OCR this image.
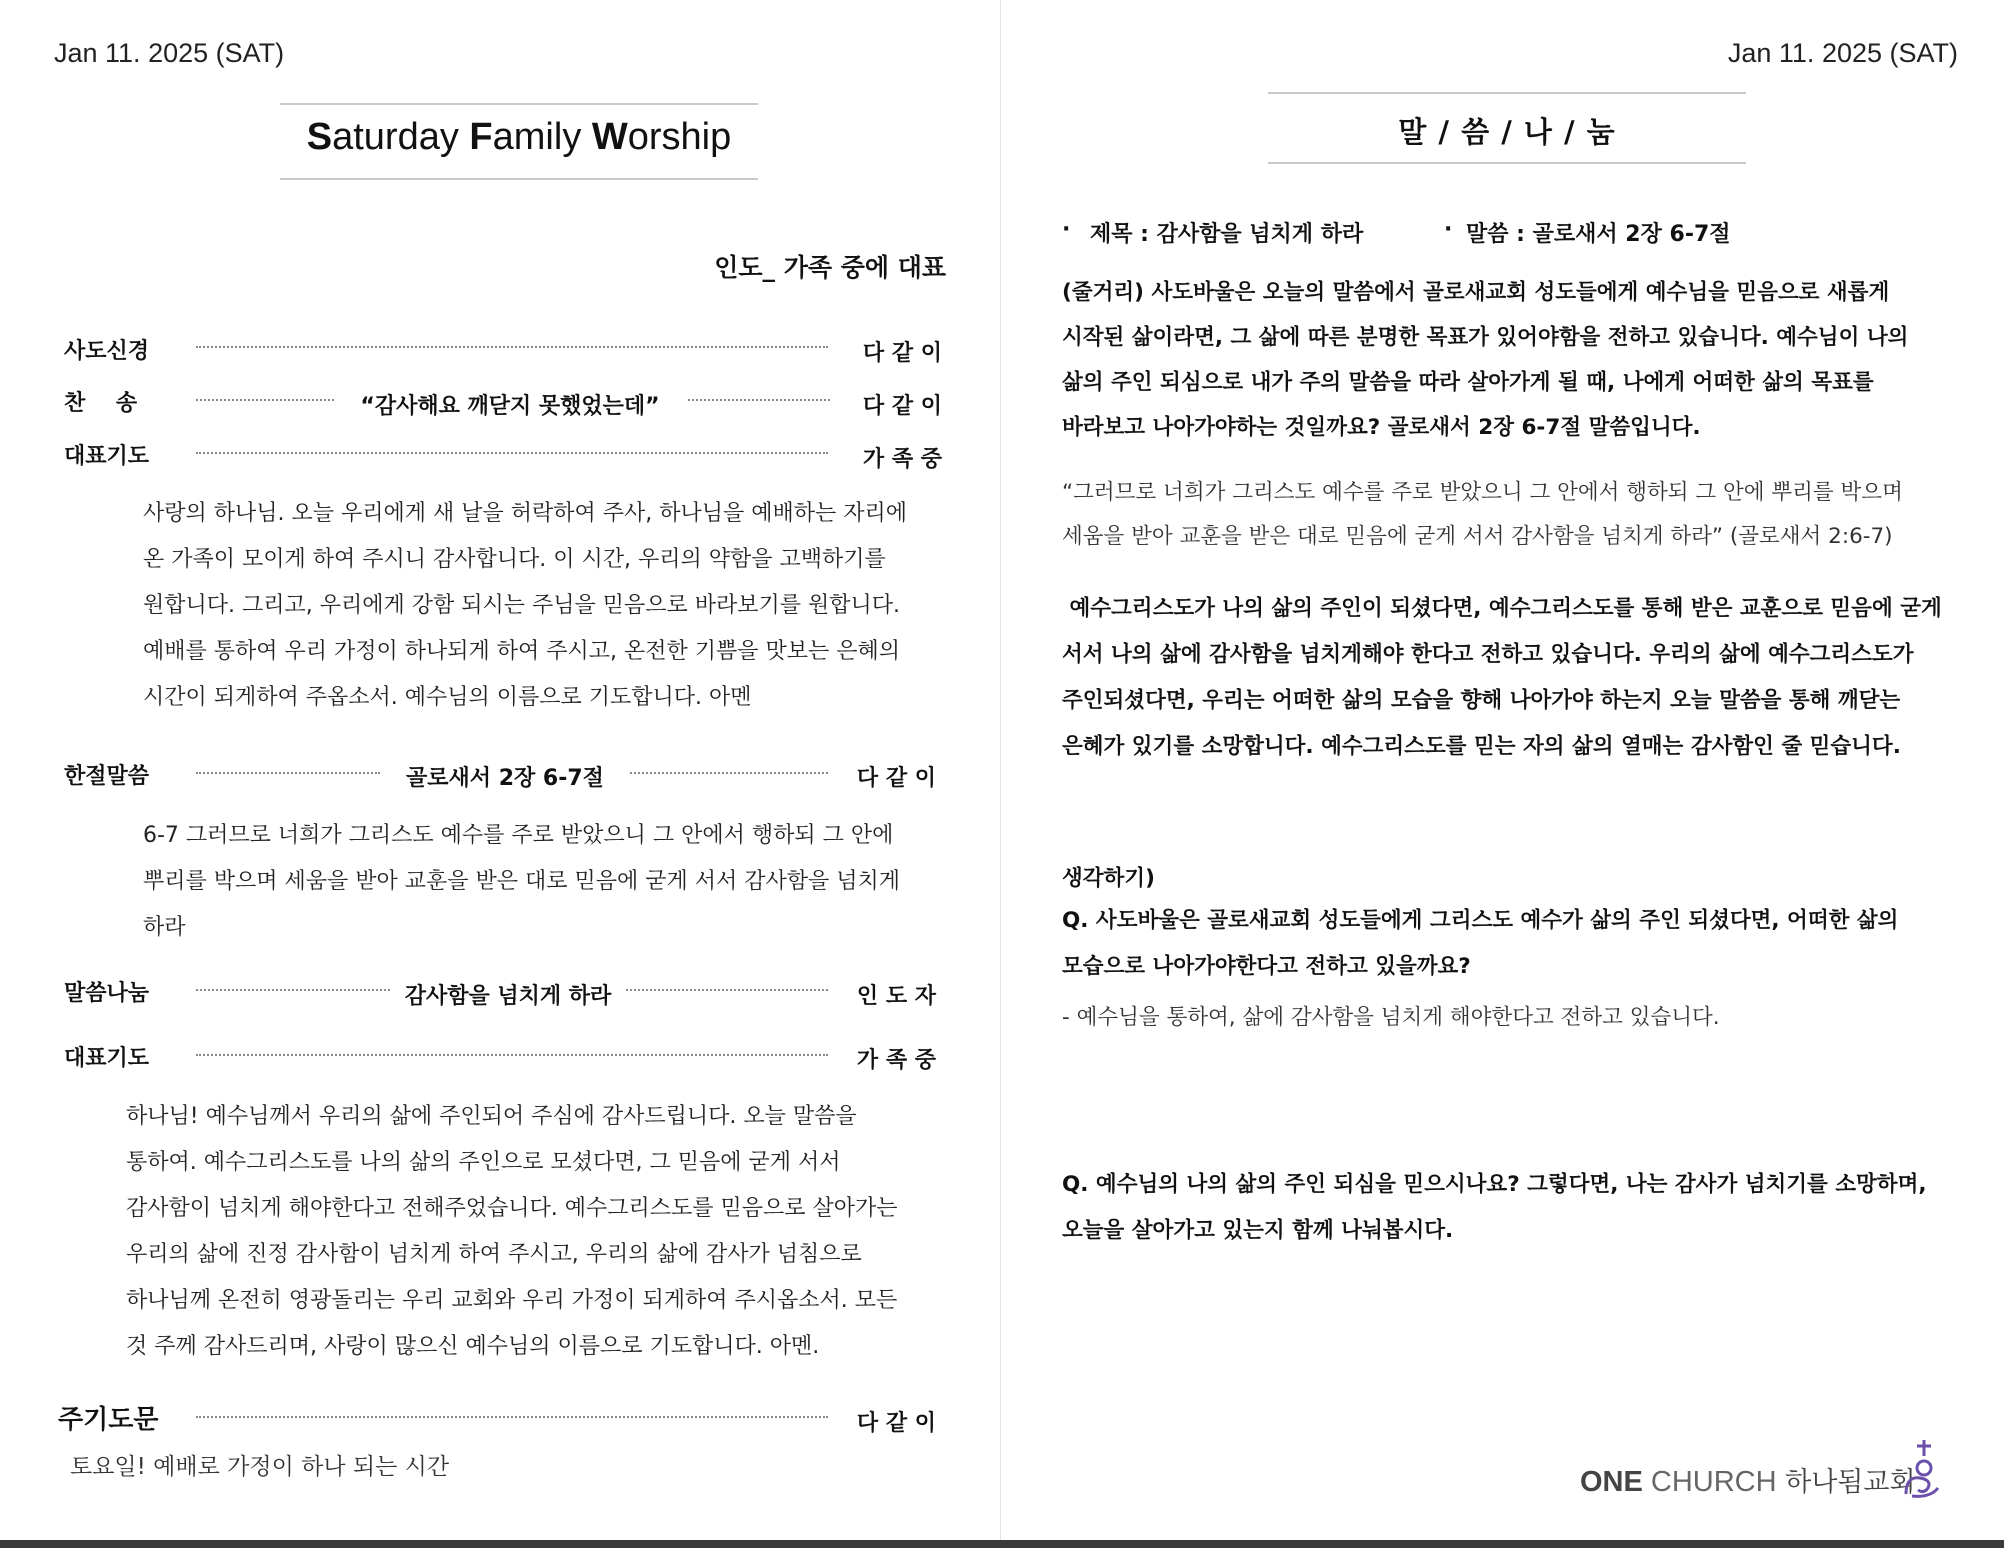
Jan 11. 2025 (SAT)	Jan 11. 2025 (SAT)
Saturday Family Worship
인도_ 가족 중에 대표
사도신경	다 같 이
찬    송	“감사해요 깨닫지 못했었는데”	다 같 이
대표기도	가 족 중
사랑의 하나님. 오늘 우리에게 새 날을 허락하여 주사, 하나님을 예배하는 자리에 온 가족이 모이게 하여 주시니 감사합니다. 이 시간, 우리의 약함을 고백하기를 원합니다. 그리고, 우리에게 강함 되시는 주님을 믿음으로 바라보기를 원합니다. 예배를 통하여 우리 가정이 하나되게 하여 주시고, 온전한 기쁨을 맛보는 은혜의 시간이 되게하여 주옵소서. 예수님의 이름으로 기도합니다. 아멘
한절말씀	골로새서 2장 6-7절	다 같 이
6-7 그러므로 너희가 그리스도 예수를 주로 받았으니 그 안에서 행하되 그 안에 뿌리를 박으며 세움을 받아 교훈을 받은 대로 믿음에 굳게 서서 감사함을 넘치게 하라
말씀나눔	감사함을 넘치게 하라	인 도 자
대표기도	가 족 중
하나님! 예수님께서 우리의 삶에 주인되어 주심에 감사드립니다. 오늘 말씀을 통하여. 예수그리스도를 나의 삶의 주인으로 모셨다면, 그 믿음에 굳게 서서 감사함이 넘치게 해야한다고 전해주었습니다. 예수그리스도를 믿음으로 살아가는 우리의 삶에 진정 감사함이 넘치게 하여 주시고, 우리의 삶에 감사가 넘침으로 하나님께 온전히 영광돌리는 우리 교회와 우리 가정이 되게하여 주시옵소서. 모든 것 주께 감사드리며, 사랑이 많으신 예수님의 이름으로 기도합니다. 아멘.
주기도문	다 같 이
토요일! 예배로 가정이 하나 되는 시간
말 / 씀 / 나 / 눔
· 제목 : 감사함을 넘치게 하라	· 말씀 : 골로새서 2장 6-7절
(줄거리) 사도바울은 오늘의 말씀에서 골로새교회 성도들에게 예수님을 믿음으로 새롭게 시작된 삶이라면, 그 삶에 따른 분명한 목표가 있어야함을 전하고 있습니다. 예수님이 나의 삶의 주인 되심으로 내가 주의 말씀을 따라 살아가게 될 때, 나에게 어떠한 삶의 목표를 바라보고 나아가야하는 것일까요? 골로새서 2장 6-7절 말씀입니다.
“그러므로 너희가 그리스도 예수를 주로 받았으니 그 안에서 행하되 그 안에 뿌리를 박으며 세움을 받아 교훈을 받은 대로 믿음에 굳게 서서 감사함을 넘치게 하라” (골로새서 2:6-7)
예수그리스도가 나의 삶의 주인이 되셨다면, 예수그리스도를 통해 받은 교훈으로 믿음에 굳게 서서 나의 삶에 감사함을 넘치게해야 한다고 전하고 있습니다. 우리의 삶에 예수그리스도가 주인되셨다면, 우리는 어떠한 삶의 모습을 향해 나아가야 하는지 오늘 말씀을 통해 깨닫는 은혜가 있기를 소망합니다. 예수그리스도를 믿는 자의 삶의 열매는 감사함인 줄 믿습니다.
생각하기)
Q. 사도바울은 골로새교회 성도들에게 그리스도 예수가 삶의 주인 되셨다면, 어떠한 삶의 모습으로 나아가야한다고 전하고 있을까요?
- 예수님을 통하여, 삶에 감사함을 넘치게 해야한다고 전하고 있습니다.
Q. 예수님의 나의 삶의 주인 되심을 믿으시나요? 그렇다면, 나는 감사가 넘치기를 소망하며, 오늘을 살아가고 있는지 함께 나눠봅시다.
ONE CHURCH 하나됨교회
